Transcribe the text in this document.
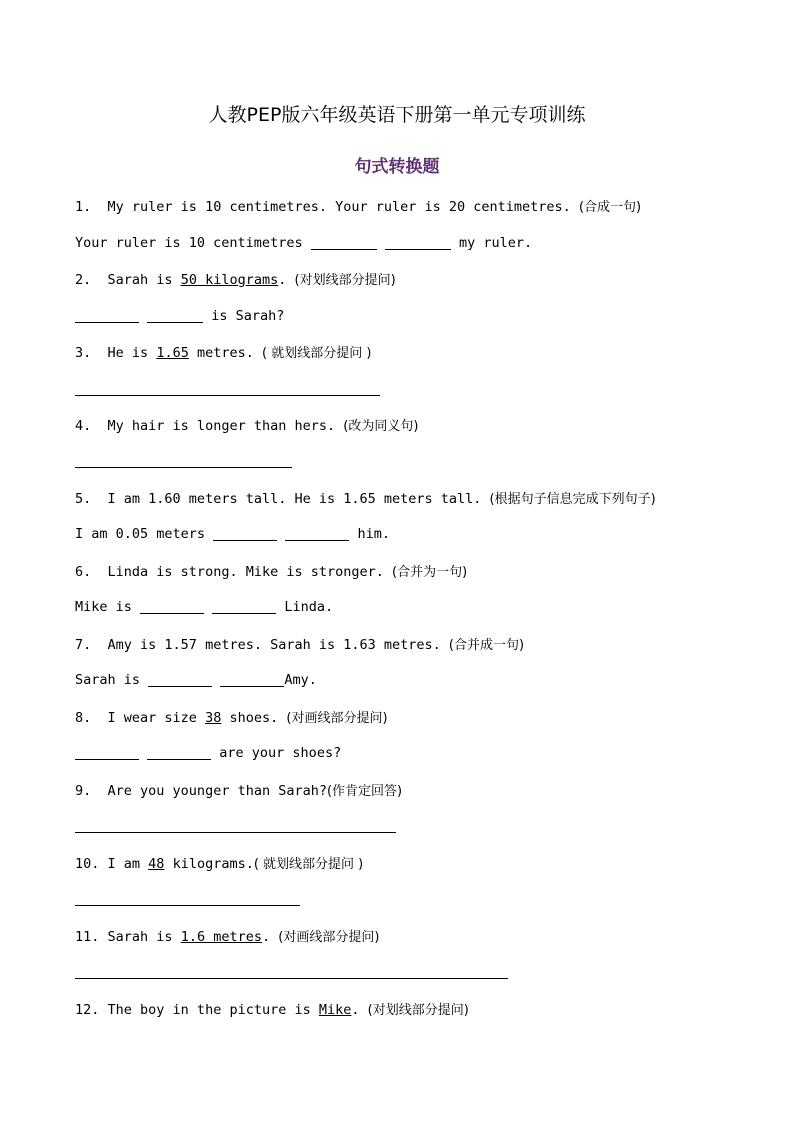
人教PEP版六年级英语下册第一单元专项训练
句式转换题
1. My ruler is 10 centimetres. Your ruler is 20 centimetres. (合成一句)
Your ruler is 10 centimetres	my ruler.
2. Sarah is 50 kilograms. (对划线部分提问)
is Sarah?
3. He is 1.65 metres. ( 就划线部分提问 )
4. My hair is longer than hers. (改为同义句)
5. I am 1.60 meters tall. He is 1.65 meters tall. (根据句子信息完成下列句子)
I am 0.05 meters	him.
6. Linda is strong. Mike is stronger. (合并为一句)
Mike is	Linda.
7. Amy is 1.57 metres. Sarah is 1.63 metres. (合并成一句)
Sarah is	Amy.
8. I wear size 38 shoes. (对画线部分提问)
are your shoes?
9. Are you younger than Sarah?(作肯定回答)
10. I am 48 kilograms.( 就划线部分提问 )
11. Sarah is 1.6 metres. (对画线部分提问)
12. The boy in the picture is Mike. (对划线部分提问)
